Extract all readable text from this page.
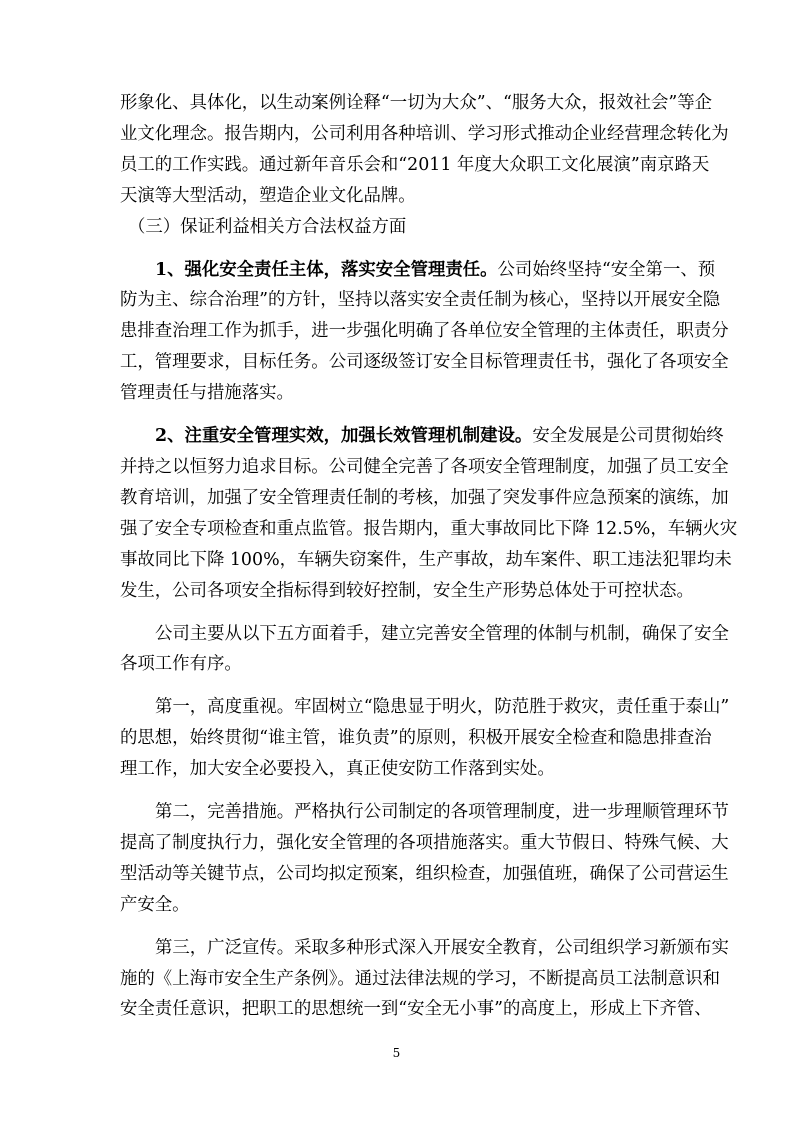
形象化、具体化，以生动案例诠释“一切为大众”、“服务大众，报效社会”等企
业文化理念。报告期内，公司利用各种培训、学习形式推动企业经营理念转化为
员工的工作实践。通过新年音乐会和“2011 年度大众职工文化展演”南京路天
天演等大型活动，塑造企业文化品牌。
（三）保证利益相关方合法权益方面
1、强化安全责任主体，落实安全管理责任。公司始终坚持“安全第一、预
防为主、综合治理”的方针，坚持以落实安全责任制为核心，坚持以开展安全隐
患排查治理工作为抓手，进一步强化明确了各单位安全管理的主体责任，职责分
工，管理要求，目标任务。公司逐级签订安全目标管理责任书，强化了各项安全
管理责任与措施落实。
2、注重安全管理实效，加强长效管理机制建设。安全发展是公司贯彻始终
并持之以恒努力追求目标。公司健全完善了各项安全管理制度，加强了员工安全
教育培训，加强了安全管理责任制的考核，加强了突发事件应急预案的演练，加
强了安全专项检查和重点监管。报告期内，重大事故同比下降 12.5%，车辆火灾
事故同比下降 100%，车辆失窃案件，生产事故，劫车案件、职工违法犯罪均未
发生，公司各项安全指标得到较好控制，安全生产形势总体处于可控状态。
公司主要从以下五方面着手，建立完善安全管理的体制与机制，确保了安全
各项工作有序。
第一，高度重视。牢固树立“隐患显于明火，防范胜于救灾，责任重于泰山”
的思想，始终贯彻“谁主管，谁负责”的原则，积极开展安全检查和隐患排查治
理工作，加大安全必要投入，真正使安防工作落到实处。
第二，完善措施。严格执行公司制定的各项管理制度，进一步理顺管理环节
提高了制度执行力，强化安全管理的各项措施落实。重大节假日、特殊气候、大
型活动等关键节点，公司均拟定预案，组织检查，加强值班，确保了公司营运生
产安全。
第三，广泛宣传。采取多种形式深入开展安全教育，公司组织学习新颁布实
施的《上海市安全生产条例》。通过法律法规的学习，不断提高员工法制意识和
安全责任意识，把职工的思想统一到“安全无小事”的高度上，形成上下齐管、
5
